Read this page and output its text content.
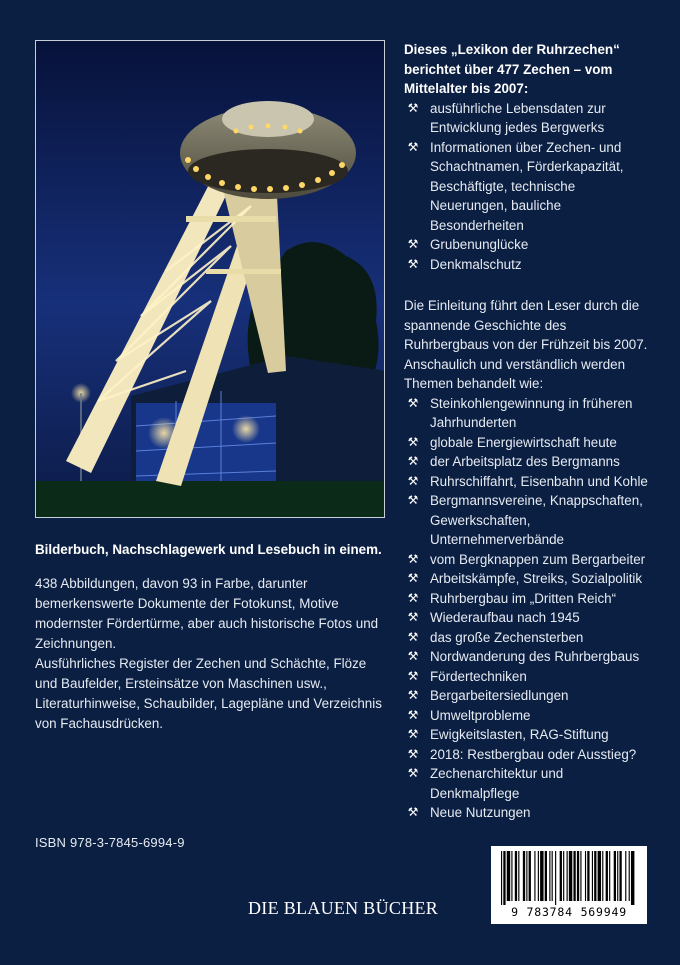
Bilderbuch, Nachschlagewerk und Lesebuch in einem.

438 Abbildungen, davon 93 in Farbe, darunter bemerkenswerte Dokumente der Fotokunst, Motive modernster Fördertürme, aber auch historische Fotos und Zeichnungen.

Ausführliches Register der Zechen und Schächte, Flöze und Baufelder, Ersteinsätze von Maschinen usw., Literaturhinweise, Schaubilder, Lagepläne und Verzeichnis von Fachausdrücken.

ISBN 978-3-7845-6994-9
DIE BLAUEN BÜCHER

Dieses „Lexikon der Ruhrzechen“ berichtet über 477 Zechen – vom Mittelalter bis 2007:

⚒ ausführliche Lebensdaten zur Entwicklung jedes Bergwerks
⚒ Informationen über Zechen- und Schachtnamen, Förderkapazität, Beschäftigte, technische Neuerungen, bauliche Besonderheiten
⚒ Grubenunglücke
⚒ Denkmalschutz

Die Einleitung führt den Leser durch die spannende Geschichte des Ruhrbergbaus von der Frühzeit bis 2007. Anschaulich und verständlich werden Themen behandelt wie:

⚒ Steinkohlengewinnung in früheren Jahrhunderten
⚒ globale Energiewirtschaft heute
⚒ der Arbeitsplatz des Bergmanns
⚒ Ruhrschiffahrt, Eisenbahn und Kohle
⚒ Bergmannsvereine, Knappschaften, Gewerkschaften, Unternehmerverbände
⚒ vom Bergknappen zum Bergarbeiter
⚒ Arbeitskämpfe, Streiks, Sozialpolitik
⚒ Ruhrbergbau im „Dritten Reich“
⚒ Wiederaufbau nach 1945
⚒ das große Zechensterben
⚒ Nordwanderung des Ruhrbergbaus
⚒ Fördertechniken
⚒ Bergarbeitersiedlungen
⚒ Umweltprobleme
⚒ Ewigkeitslasten, RAG-Stiftung
⚒ 2018: Restbergbau oder Ausstieg?
⚒ Zechenarchitektur und Denkmalpflege
⚒ Neue Nutzungen
9 783784 569949
